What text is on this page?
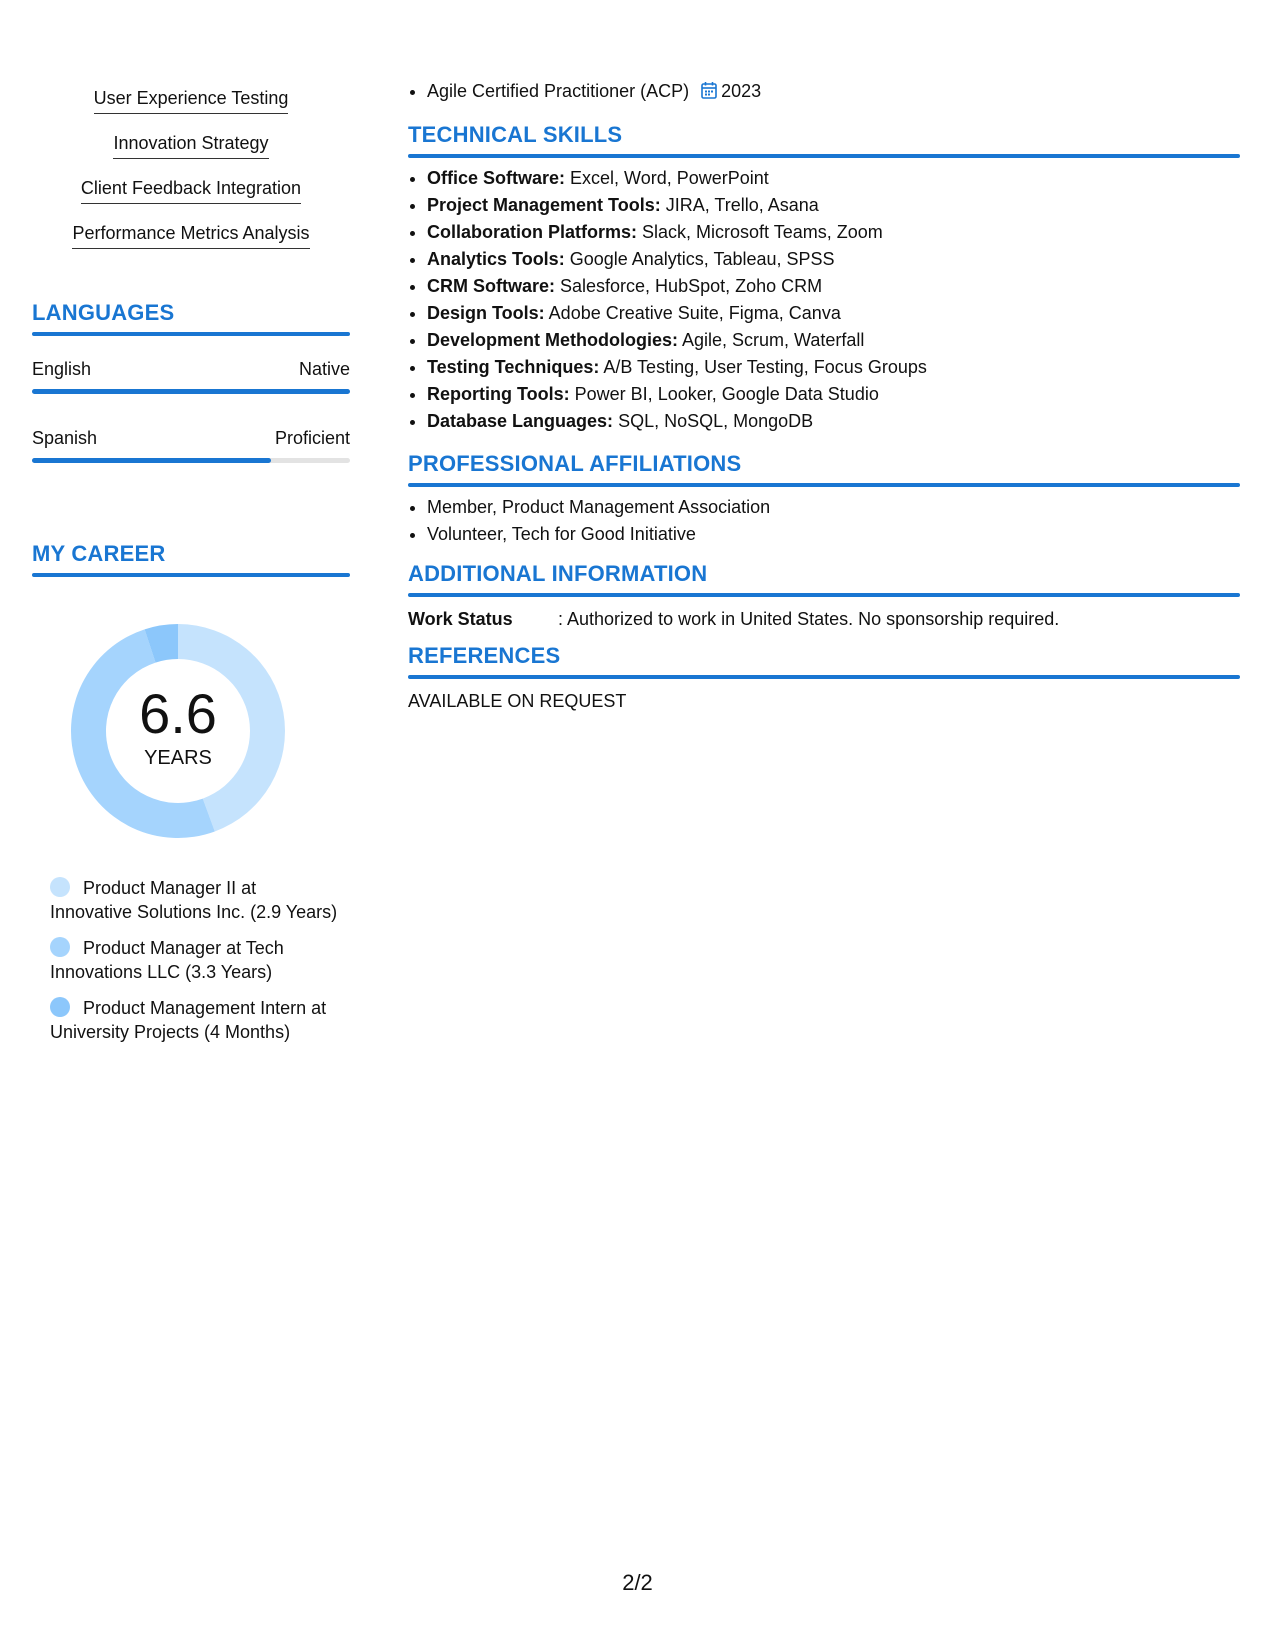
User Experience Testing
Innovation Strategy
Client Feedback Integration
Performance Metrics Analysis
LANGUAGES
English	Native
Spanish	Proficient
MY CAREER
6.6
YEARS
Product Manager II at Innovative Solutions Inc. (2.9 Years)
Product Manager at Tech Innovations LLC (3.3 Years)
Product Management Intern at University Projects (4 Months)
• Agile Certified Practitioner (ACP) 2023
TECHNICAL SKILLS
• Office Software: Excel, Word, PowerPoint
• Project Management Tools: JIRA, Trello, Asana
• Collaboration Platforms: Slack, Microsoft Teams, Zoom
• Analytics Tools: Google Analytics, Tableau, SPSS
• CRM Software: Salesforce, HubSpot, Zoho CRM
• Design Tools: Adobe Creative Suite, Figma, Canva
• Development Methodologies: Agile, Scrum, Waterfall
• Testing Techniques: A/B Testing, User Testing, Focus Groups
• Reporting Tools: Power BI, Looker, Google Data Studio
• Database Languages: SQL, NoSQL, MongoDB
PROFESSIONAL AFFILIATIONS
• Member, Product Management Association
• Volunteer, Tech for Good Initiative
ADDITIONAL INFORMATION
Work Status	: Authorized to work in United States. No sponsorship required.
REFERENCES
AVAILABLE ON REQUEST
2/2
